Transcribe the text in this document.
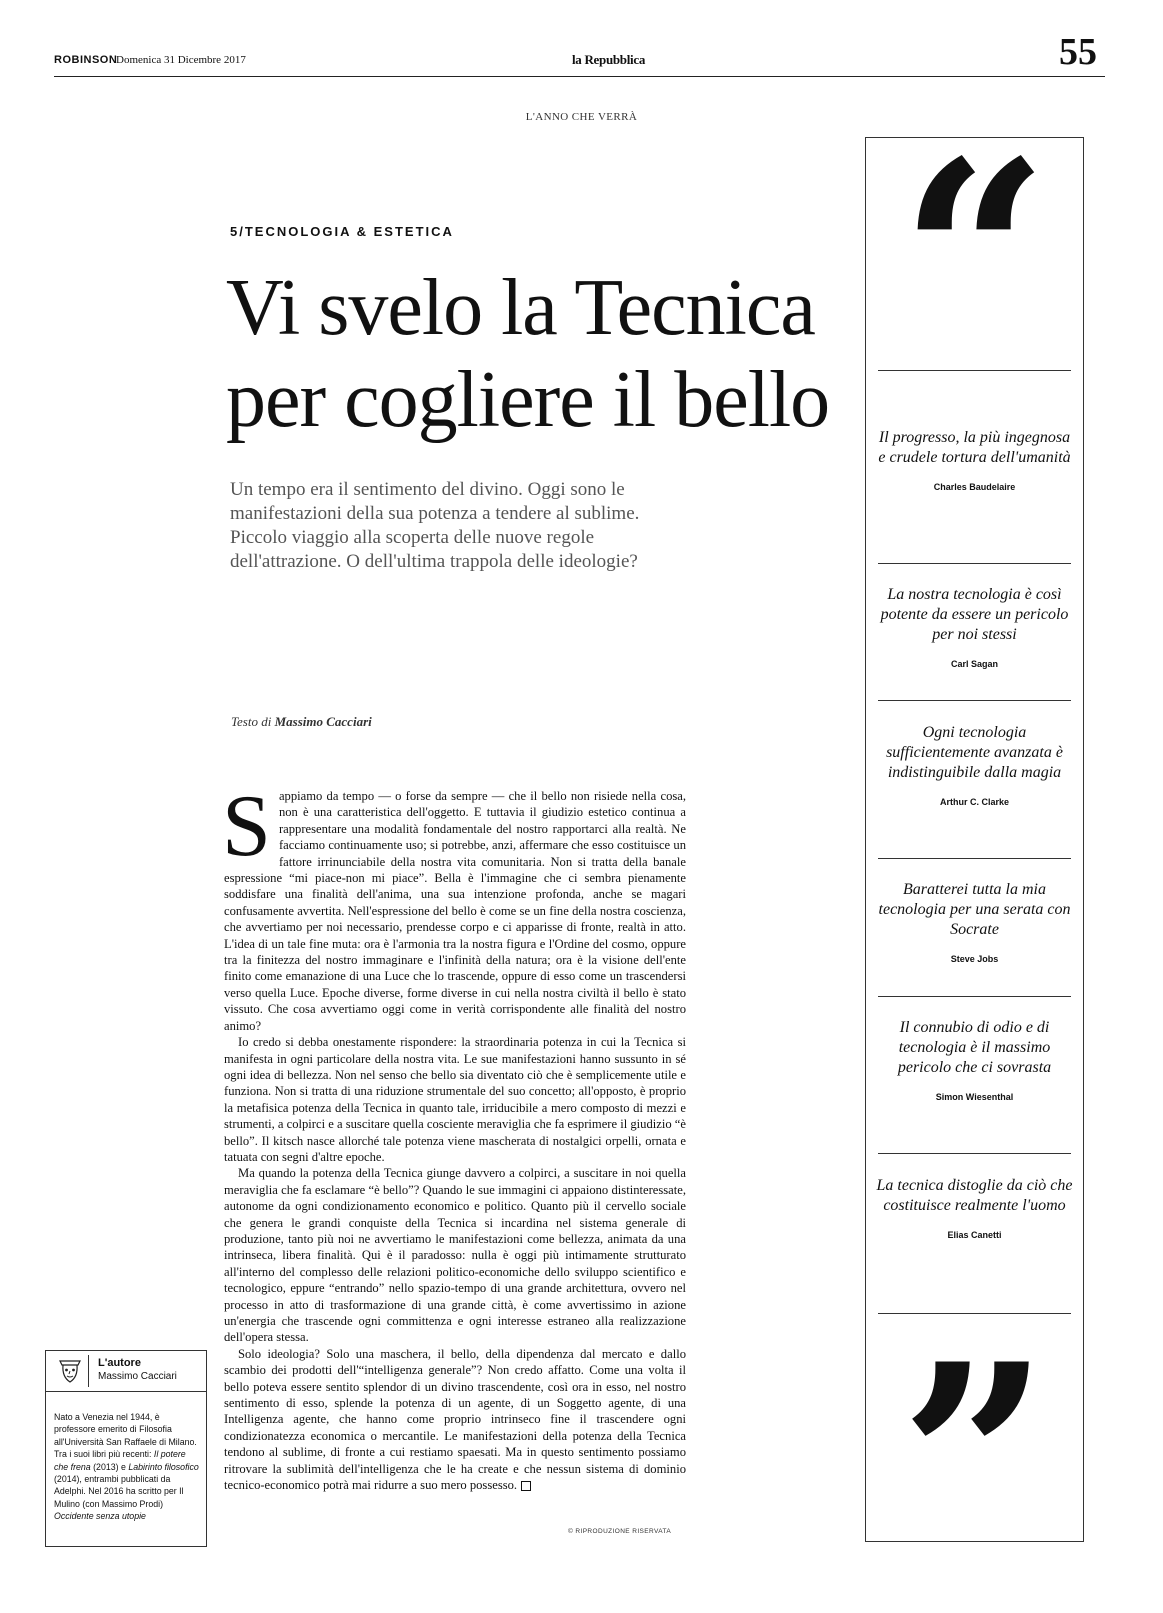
ROBINSON
Domenica 31 Dicembre 2017	la Repubblica	55
L'ANNO CHE VERRÀ
5/TECNOLOGIA & ESTETICA
Vi svelo la Tecnica
per cogliere il bello

Un tempo era il sentimento del divino. Oggi sono le manifestazioni della sua potenza a tendere al sublime. Piccolo viaggio alla scoperta delle nuove regole dell'attrazione. O dell'ultima trappola delle ideologie?

Testo di Massimo Cacciari

Sappiamo da tempo — o forse da sempre — che il bello non risiede nella cosa, non è una caratteristica dell'oggetto. E tuttavia il giudizio estetico continua a rappresentare una modalità fondamentale del nostro rapportarci alla realtà. Ne facciamo continuamente uso; si potrebbe, anzi, affermare che esso costituisce un fattore irrinunciabile della nostra vita comunitaria. Non si tratta della banale espressione “mi piace-non mi piace”. Bella è l'immagine che ci sembra pienamente soddisfare una finalità dell'anima, una sua intenzione profonda, anche se magari confusamente avvertita. Nell'espressione del bello è come se un fine della nostra coscienza, che avvertiamo per noi necessario, prendesse corpo e ci apparisse di fronte, realtà in atto. L'idea di un tale fine muta: ora è l'armonia tra la nostra figura e l'Ordine del cosmo, oppure tra la finitezza del nostro immaginare e l'infinità della natura; ora è la visione dell'ente finito come emanazione di una Luce che lo trascende, oppure di esso come un trascendersi verso quella Luce. Epoche diverse, forme diverse in cui nella nostra civiltà il bello è stato vissuto. Che cosa avvertiamo oggi come in verità corrispondente alle finalità del nostro animo?

Io credo si debba onestamente rispondere: la straordinaria potenza in cui la Tecnica si manifesta in ogni particolare della nostra vita. Le sue manifestazioni hanno sussunto in sé ogni idea di bellezza. Non nel senso che bello sia diventato ciò che è semplicemente utile e funziona. Non si tratta di una riduzione strumentale del suo concetto; all'opposto, è proprio la metafisica potenza della Tecnica in quanto tale, irriducibile a mero composto di mezzi e strumenti, a colpirci e a suscitare quella cosciente meraviglia che fa esprimere il giudizio “è bello”. Il kitsch nasce allorché tale potenza viene mascherata di nostalgici orpelli, ornata e tatuata con segni d'altre epoche.

Ma quando la potenza della Tecnica giunge davvero a colpirci, a suscitare in noi quella meraviglia che fa esclamare “è bello”? Quando le sue immagini ci appaiono distinteressate, autonome da ogni condizionamento economico e politico. Quanto più il cervello sociale che genera le grandi conquiste della Tecnica si incardina nel sistema generale di produzione, tanto più noi ne avvertiamo le manifestazioni come bellezza, animata da una intrinseca, libera finalità. Qui è il paradosso: nulla è oggi più intimamente strutturato all'interno del complesso delle relazioni politico-economiche dello sviluppo scientifico e tecnologico, eppure “entrando” nello spazio-tempo di una grande architettura, ovvero nel processo in atto di trasformazione di una grande città, è come avvertissimo in azione un'energia che trascende ogni committenza e ogni interesse estraneo alla realizzazione dell'opera stessa.

Solo ideologia? Solo una maschera, il bello, della dipendenza dal mercato e dallo scambio dei prodotti dell'“intelligenza generale”? Non credo affatto. Come una volta il bello poteva essere sentito splendor di un divino trascendente, così ora in esso, nel nostro sentimento di esso, splende la potenza di un agente, di un Soggetto agente, di una Intelligenza agente, che hanno come proprio intrinseco fine il trascendere ogni condizionatezza economica o mercantile. Le manifestazioni della potenza della Tecnica tendono al sublime, di fronte a cui restiamo spaesati. Ma in questo sentimento possiamo ritrovare la sublimità dell'intelligenza che le ha create e che nessun sistema di dominio tecnico-economico potrà mai ridurre a suo mero possesso.

© RIPRODUZIONE RISERVATA
L'autore
Massimo Cacciari
Nato a Venezia nel 1944, è professore emerito di Filosofia all'Università San Raffaele di Milano. Tra i suoi libri più recenti: Il potere che frena (2013) e Labirinto filosofico (2014), entrambi pubblicati da Adelphi. Nel 2016 ha scritto per Il Mulino (con Massimo Prodi) Occidente senza utopie
“
Il progresso, la più ingegnosa e crudele tortura dell'umanità
Charles Baudelaire
La nostra tecnologia è così potente da essere un pericolo per noi stessi
Carl Sagan
Ogni tecnologia sufficientemente avanzata è indistinguibile dalla magia
Arthur C. Clarke
Baratterei tutta la mia tecnologia per una serata con Socrate
Steve Jobs
Il connubio di odio e di tecnologia è il massimo pericolo che ci sovrasta
Simon Wiesenthal
La tecnica distoglie da ciò che costituisce realmente l'uomo
Elias Canetti
”
